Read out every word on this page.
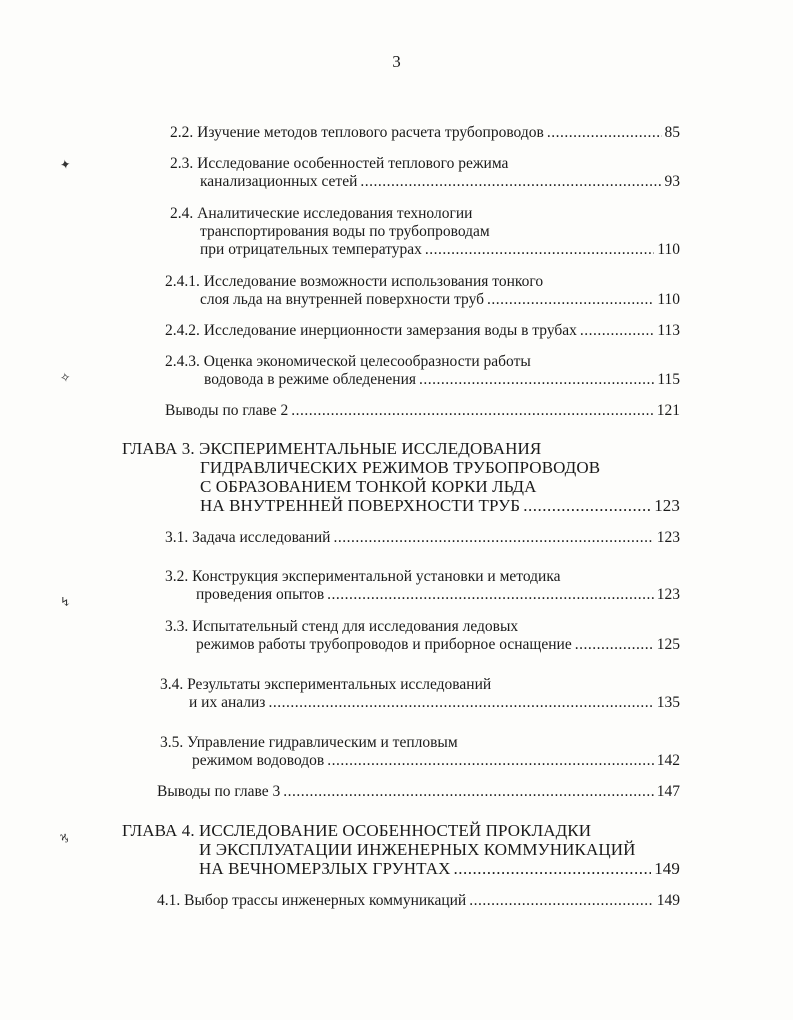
3
✦
✧
↯
ϗ
2.2. Изучение методов теплового расчета трубопроводов .....	85
2.3. Исследование особенностей теплового режима
канализационных сетей .....	93
2.4. Аналитические исследования технологии
транспортирования воды по трубопроводам
при отрицательных температурах .....	110
2.4.1. Исследование возможности использования тонкого
слоя льда на внутренней поверхности труб .....	110
2.4.2. Исследование инерционности замерзания воды в трубах .....	113
2.4.3. Оценка экономической целесообразности работы
водовода в режиме обледенения .....	115
Выводы по главе 2 .....	121
ГЛАВА 3. ЭКСПЕРИМЕНТАЛЬНЫЕ ИССЛЕДОВАНИЯ
ГИДРАВЛИЧЕСКИХ РЕЖИМОВ ТРУБОПРОВОДОВ
С ОБРАЗОВАНИЕМ ТОНКОЙ КОРКИ ЛЬДА
НА ВНУТРЕННЕЙ ПОВЕРХНОСТИ ТРУБ .....	123
3.1. Задача исследований .....	123
3.2. Конструкция экспериментальной установки и методика
проведения опытов .....	123
3.3. Испытательный стенд для исследования ледовых
режимов работы трубопроводов и приборное оснащение .....	125
3.4. Результаты экспериментальных исследований
и их анализ .....	135
3.5. Управление гидравлическим и тепловым
режимом водоводов .....	142
Выводы по главе 3 .....	147
ГЛАВА 4. ИССЛЕДОВАНИЕ ОСОБЕННОСТЕЙ ПРОКЛАДКИ
И ЭКСПЛУАТАЦИИ ИНЖЕНЕРНЫХ КОММУНИКАЦИЙ
НА ВЕЧНОМЕРЗЛЫХ ГРУНТАХ .....	149
4.1. Выбор трассы инженерных коммуникаций .....	149
